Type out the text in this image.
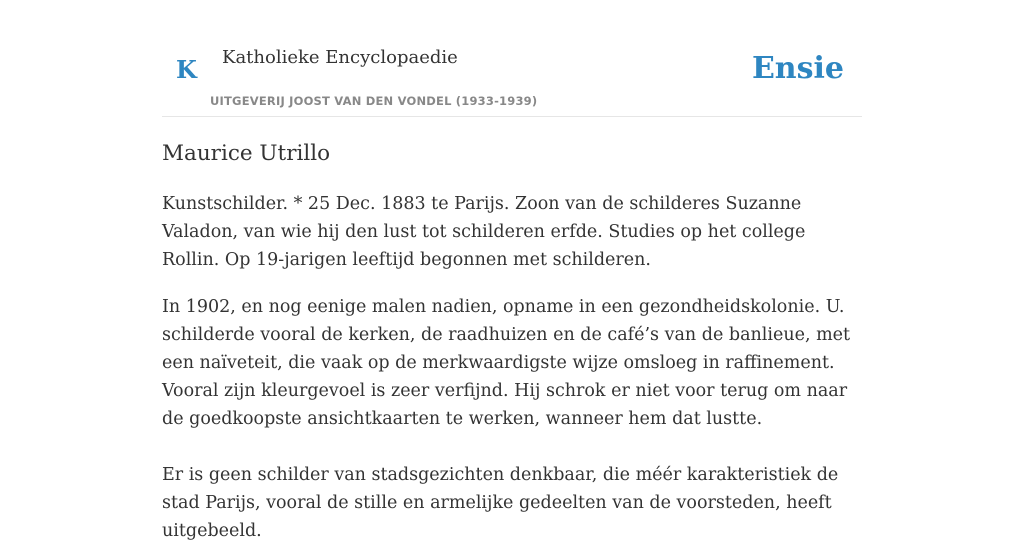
K Katholieke Encyclopaedie
UITGEVERIJ JOOST VAN DEN VONDEL (1933-1939)
Ensie
Maurice Utrillo

Kunstschilder. * 25 Dec. 1883 te Parijs. Zoon van de schilderes Suzanne Valadon, van wie hij den lust tot schilderen erfde. Studies op het college Rollin. Op 19-jarigen leeftijd begonnen met schilderen.

In 1902, en nog eenige malen nadien, opname in een gezondheidskolonie. U. schilderde vooral de kerken, de raadhuizen en de café’s van de banlieue, met een naïveteit, die vaak op de merkwaardigste wijze omsloeg in raffinement. Vooral zijn kleurgevoel is zeer verfijnd. Hij schrok er niet voor terug om naar de goedkoopste ansichtkaarten te werken, wanneer hem dat lustte.

Er is geen schilder van stadsgezichten denkbaar, die méér karakteristiek de stad Parijs, vooral de stille en armelijke gedeelten van de voorsteden, heeft uitgebeeld.
